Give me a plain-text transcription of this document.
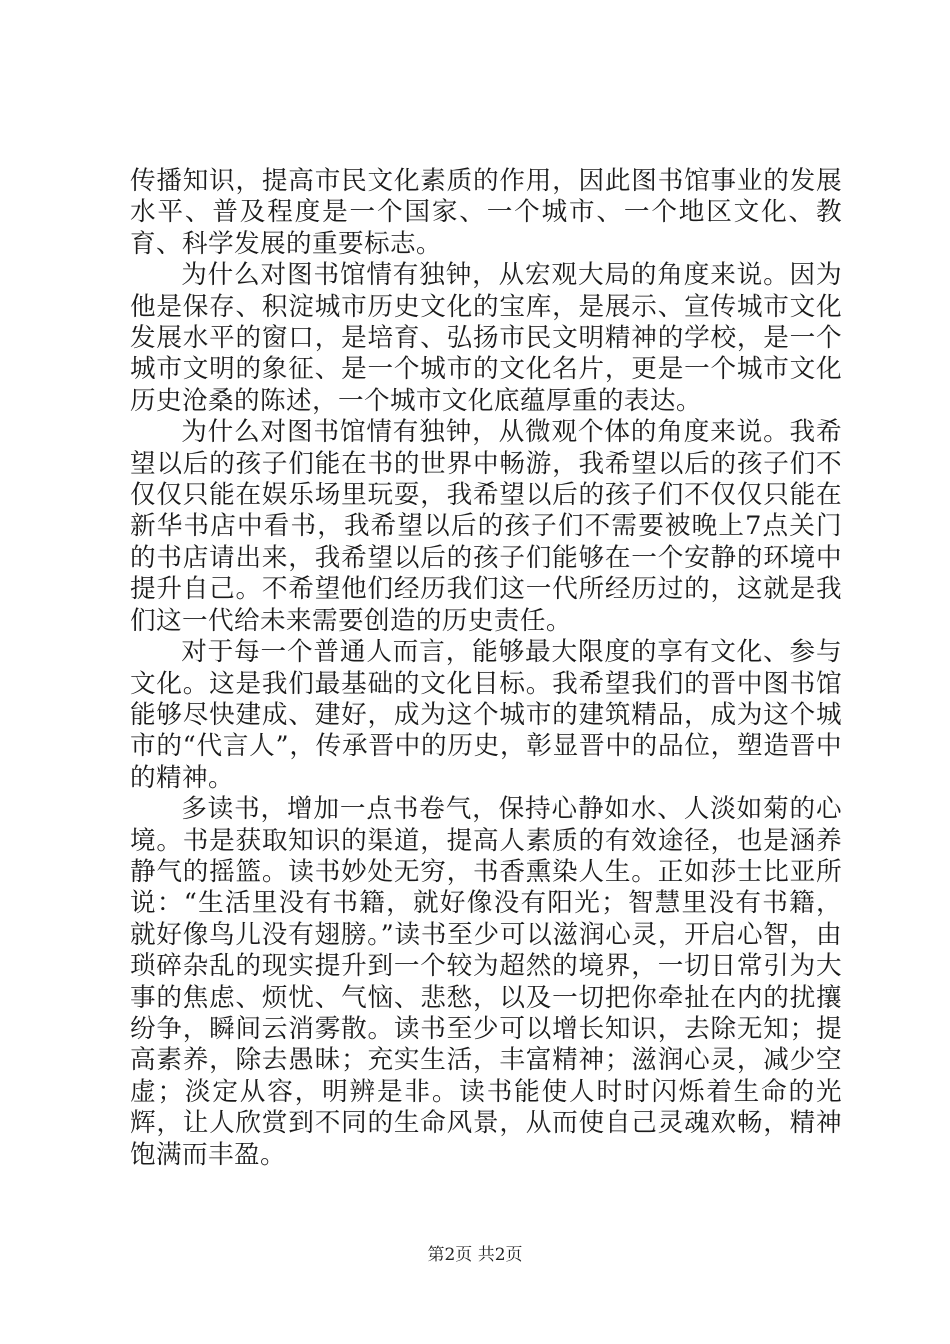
传播知识，提高市民文化素质的作用，因此图书馆事业的发展水平、普及程度是一个国家、一个城市、一个地区文化、教育、科学发展的重要标志。

为什么对图书馆情有独钟，从宏观大局的角度来说。因为他是保存、积淀城市历史文化的宝库，是展示、宣传城市文化发展水平的窗口，是培育、弘扬市民文明精神的学校，是一个城市文明的象征、是一个城市的文化名片，更是一个城市文化历史沧桑的陈述，一个城市文化底蕴厚重的表达。

为什么对图书馆情有独钟，从微观个体的角度来说。我希望以后的孩子们能在书的世界中畅游，我希望以后的孩子们不仅仅只能在娱乐场里玩耍，我希望以后的孩子们不仅仅只能在新华书店中看书，我希望以后的孩子们不需要被晚上7点关门的书店请出来，我希望以后的孩子们能够在一个安静的环境中提升自己。不希望他们经历我们这一代所经历过的，这就是我们这一代给未来需要创造的历史责任。

对于每一个普通人而言，能够最大限度的享有文化、参与文化。这是我们最基础的文化目标。我希望我们的晋中图书馆能够尽快建成、建好，成为这个城市的建筑精品，成为这个城市的“代言人”，传承晋中的历史，彰显晋中的品位，塑造晋中的精神。

多读书，增加一点书卷气，保持心静如水、人淡如菊的心境。书是获取知识的渠道，提高人素质的有效途径，也是涵养静气的摇篮。读书妙处无穷，书香熏染人生。正如莎士比亚所说：“生活里没有书籍，就好像没有阳光；智慧里没有书籍，就好像鸟儿没有翅膀。”读书至少可以滋润心灵，开启心智，由琐碎杂乱的现实提升到一个较为超然的境界，一切日常引为大事的焦虑、烦忧、气恼、悲愁，以及一切把你牵扯在内的扰攘纷争，瞬间云消雾散。读书至少可以增长知识，去除无知；提高素养，除去愚昧；充实生活，丰富精神；滋润心灵，减少空虚；淡定从容，明辨是非。读书能使人时时闪烁着生命的光辉，让人欣赏到不同的生命风景，从而使自己灵魂欢畅，精神饱满而丰盈。

第2页 共2页
